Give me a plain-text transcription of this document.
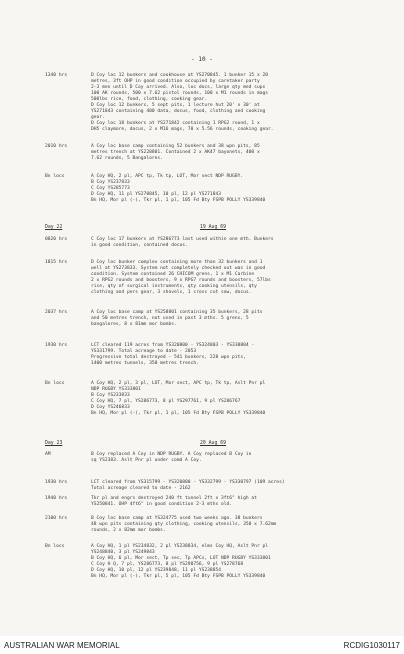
- 10 -
Day 22	19 Aug 69
Day 23	20 Aug 69
1340 hrs	D Coy loc 12 bunkers and cookhouse at YS270845. 1 bunker 15 x 20
metres, 3ft OHP in good condition occupied by caretaker party
2-3 men until D Coy arrived. Also, loc docs, large qty med sups
100 AK rounds, 500 x 7.62 pistol rounds, 100 x M1 rounds in mags
500lbs rice, food, clothing, cooking gear.
D Coy loc 12 bunkers, 5 sept pits, 1 lecture hut 20' x 30' at
YS271843 containing 400 data, docus, food, clothing and cooking
gear.
D Coy loc 18 bunkers at YS271842 containing 1 RPG2 round, 1 x
DH5 claymore, docus, 2 x M16 mags, 70 x 5.56 rounds, cooking gear.
2010 hrs	A Coy loc base camp containing 52 bunkers and 38 wpn pits, 85
metres trench at YS228801. Contained 2 x AK47 bayonets, 400 x
7.62 rounds, 5 Bangalores.
Bn locs	A Coy HQ, 2 pl, APC tp, Tk tp, LOT, Mor sect NDP RUGBY.
B Coy YS237833
C Coy YS285773
D Coy HQ, 11 pl YS270845, 10 pl, 12 pl YS271843
Bn HQ, Mor pl (-), Tkr pl, 1 pl, 105 Fd Bty FSPB POLLY YS339840
0820 hrs	C Coy loc 17 bunkers at YS286773 last used within one mth. Bunkers
in good condition, contained docus.
1815 hrs	D Coy loc bunker complex containing more than 32 bunkers and 1
well at YS273833. System not completely checked out was in good
condition. System contained 26 CHICOM grens, 1 x M1 Carbine
2 x RPG2 rounds and boosters, 9 x RPG7 rounds and boosters, 57lbs
rice, qty of surgical instruments, qty cooking utensils, qty
clothing and pers gear, 3 shovels, 1 cross cut saw, docus.
2037 hrs	A Coy loc base camp at YS258801 containing 35 bunkers, 28 pits
and 50 metres trench, not used in past 3 mths. 5 grens, 5
bangalores, 8 x 81mm mor bombs.
1930 hrs	LCT cleared 119 acres from YS320800 - YS324803 - YS330804 -
YS331799. Total acreage to date - 2053
Progressive total destroyed - 541 bunkers, 228 wpn pits,
1400 metres tunnels, 350 metres trench.
Bn locs	A Coy HQ, 2 pl, 3 pl, LOT, Mor sect, APC tp, Tk tp, Aslt Pnr pl
NDP RUGBY YS333801
B Coy YS233833
C Coy HQ, 7 pl, YS286773, 8 pl YS297761, 9 pl YS286767
D Coy YS246833
Bn HQ, Mor pl (-), Tkr pl, 1 pl, 105 Fd Bty FSPB POLLY YS339840
AM	B Coy replaced A Coy in NDP RUGBY. A Coy replaced B Coy in
sq YS2383. Aslt Pnr pl under comd A Coy.
1930 hrs	LCT cleared from YS315799 - YS320800 - YS332799 - YS330797 (109 acres)
Total acreage cleared to date - 2162
1940 hrs	Tkr pl and engrs destroyed 240 ft tunnel 2ft x 3ft6" high at
YS250841. OHP 4ft6" in good condition 2-3 mths old.
2100 hrs	B Coy loc base camp at YS324775 used two weeks ago. 38 bunkers
48 wpn pits containing qty clothing, cooking utensils, 350 x 7.62mm
rounds, 2 x 82mm mor bombs.
Bn locs	A Coy HQ, 1 pl YS234832, 2 pl YS238834, elms Coy HQ, Aslt Pnr pl
YS248840, 3 pl YS249843
B Coy HQ, 6 pl, Mor sect, Tp sec, Tp APCs, LOT NDP RUGBY YS333801
C Coy H Q, 7 pl, YS286773, 8 pl YS290756, 9 pl YS278768
D Coy HQ, 10 pl, 12 pl YS239848, 11 pl YS238854
Bn HQ, Mor pl (-), Tkr pl, 5 pl, 105 Fd Bty FSPB POLLY YS339840
AUSTRALIAN WAR MEMORIAL	RCDIG1030117
